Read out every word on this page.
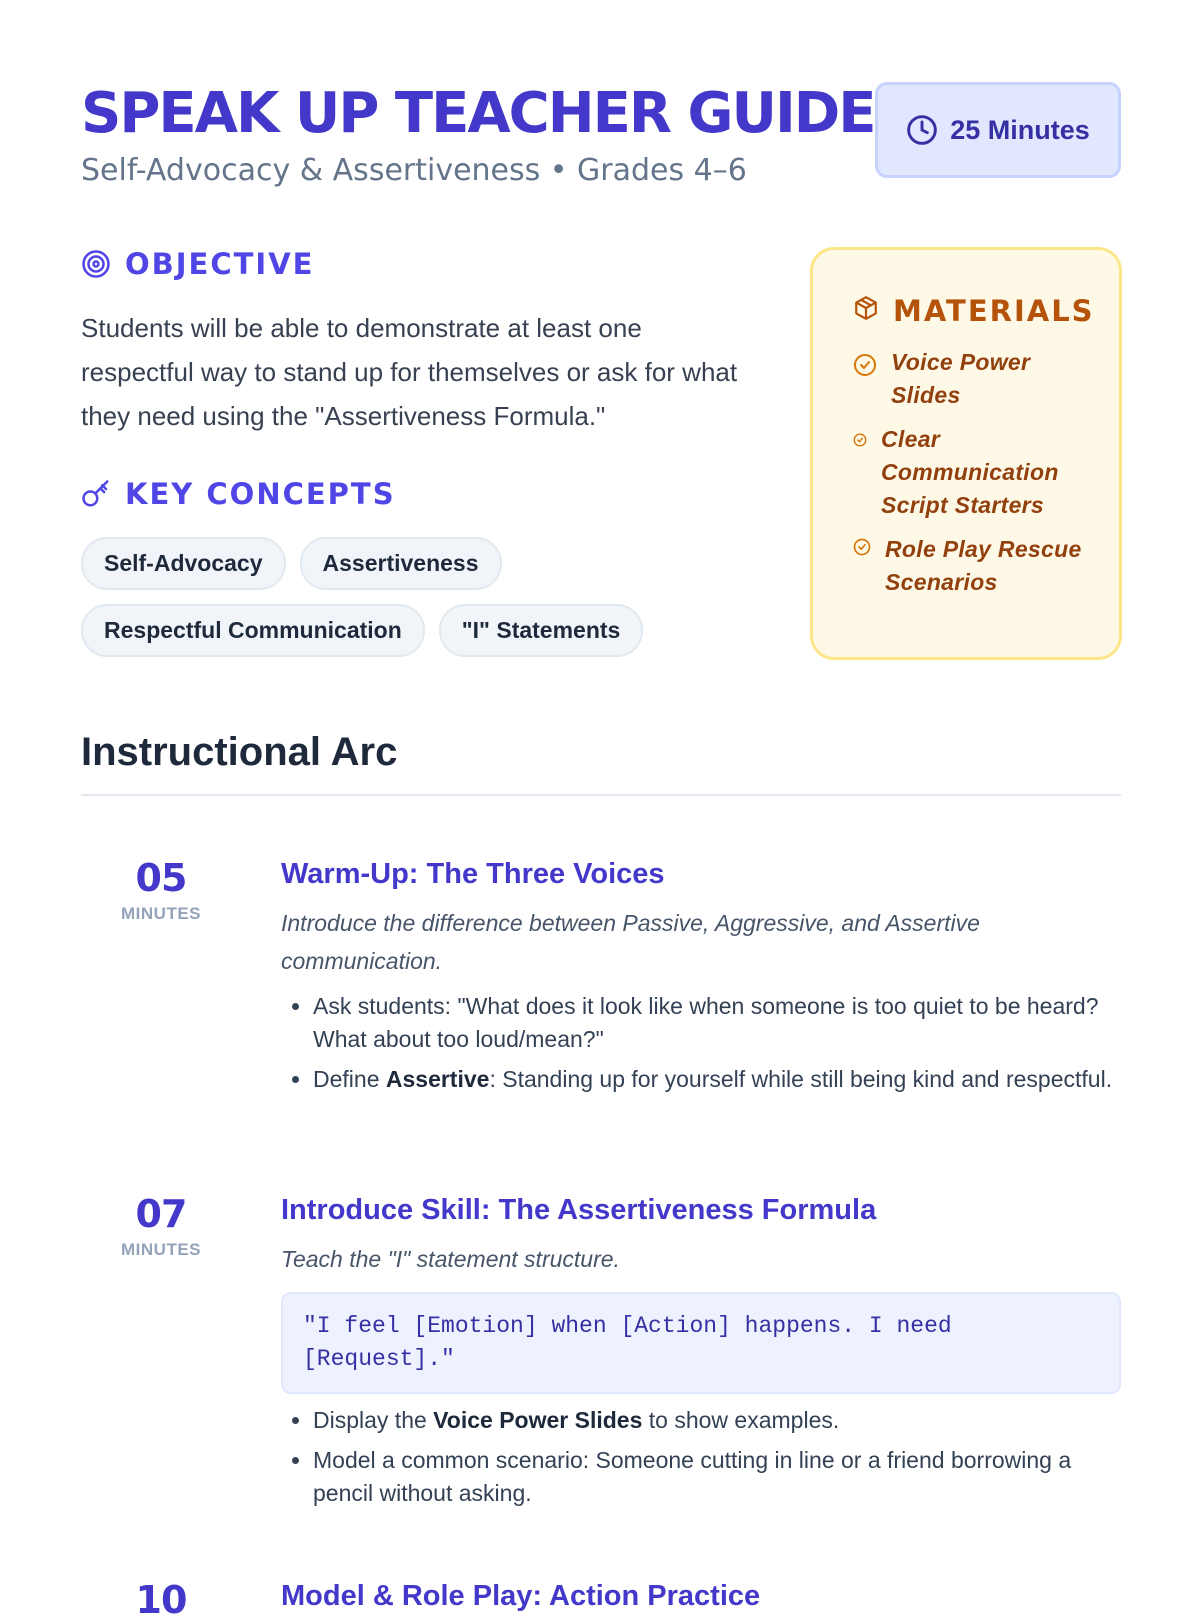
SPEAK UP TEACHER GUIDE
Self-Advocacy & Assertiveness • Grades 4–6
25 Minutes
OBJECTIVE
Students will be able to demonstrate at least one respectful way to stand up for themselves or ask for what they need using the "Assertiveness Formula."
KEY CONCEPTS
Self-Advocacy	Assertiveness
Respectful Communication	"I" Statements
MATERIALS
Voice Power Slides
Clear Communication Script Starters
Role Play Rescue Scenarios
Instructional Arc
05
MINUTES
Warm-Up: The Three Voices
Introduce the difference between Passive, Aggressive, and Assertive communication.
• Ask students: "What does it look like when someone is too quiet to be heard? What about too loud/mean?"
• Define Assertive: Standing up for yourself while still being kind and respectful.
07
MINUTES
Introduce Skill: The Assertiveness Formula
Teach the "I" statement structure.
"I feel [Emotion] when [Action] happens. I need [Request]."
• Display the Voice Power Slides to show examples.
• Model a common scenario: Someone cutting in line or a friend borrowing a pencil without asking.
10	Model & Role Play: Action Practice
